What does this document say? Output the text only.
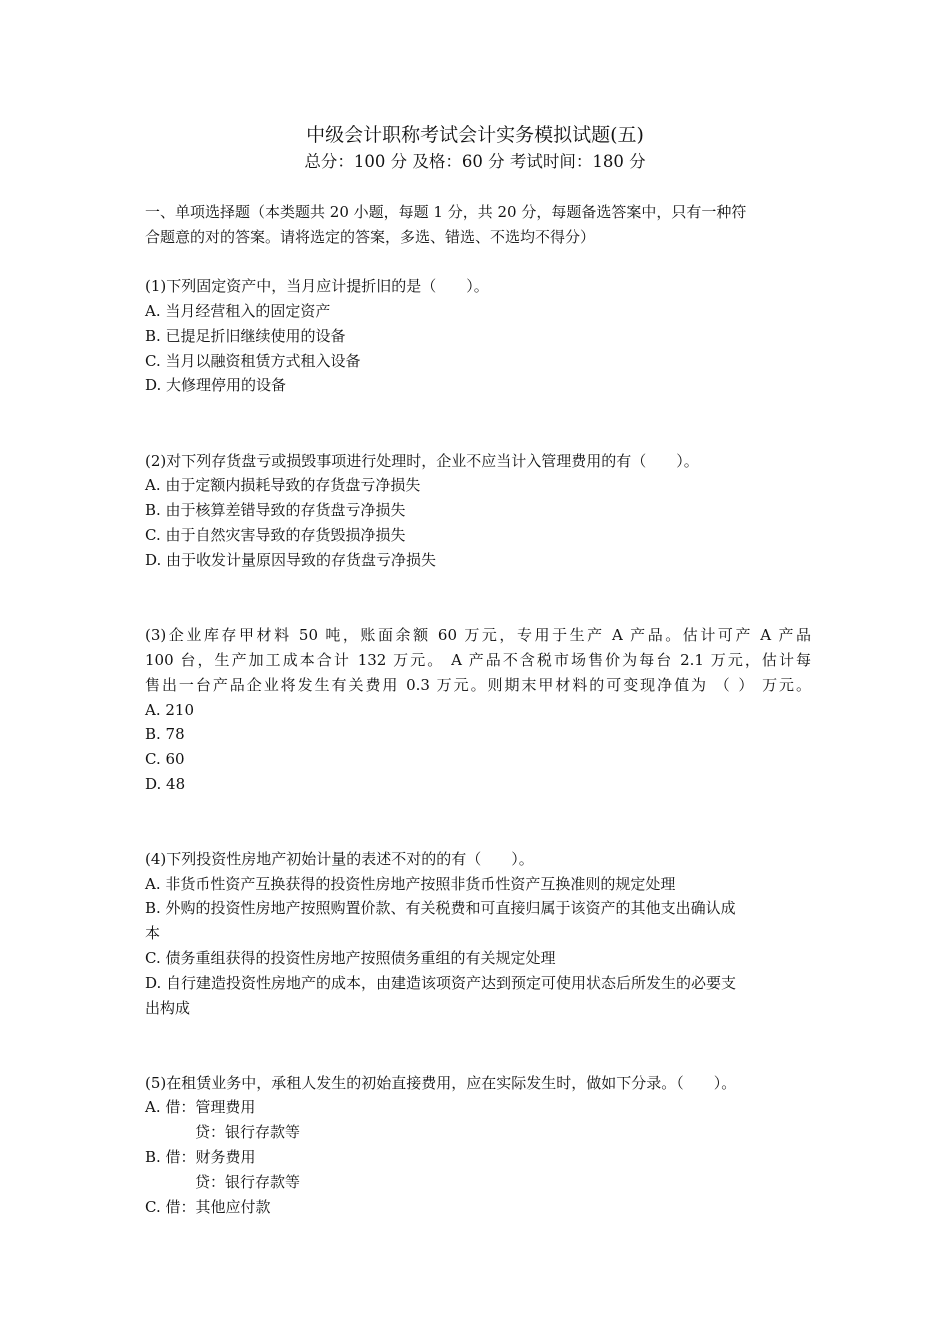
中级会计职称考试会计实务模拟试题(五)
总分：100 分 及格：60 分 考试时间：180 分
一、单项选择题（本类题共 20 小题，每题 1 分，共 20 分，每题备选答案中，只有一种符
合题意的对的答案。请将选定的答案，多选、错选、不选均不得分）
(1)下列固定资产中，当月应计提折旧的是（　　）。
A. 当月经营租入的固定资产
B. 已提足折旧继续使用的设备
C. 当月以融资租赁方式租入设备
D. 大修理停用的设备
(2)对下列存货盘亏或损毁事项进行处理时，企业不应当计入管理费用的有（　　）。
A. 由于定额内损耗导致的存货盘亏净损失
B. 由于核算差错导致的存货盘亏净损失
C. 由于自然灾害导致的存货毁损净损失
D. 由于收发计量原因导致的存货盘亏净损失
(3)企业库存甲材料 50 吨，账面余额 60 万元，专用于生产 A 产品。估计可产 A 产品
100 台，生产加工成本合计 132 万元。 A 产品不含税市场售价为每台 2.1 万元，估计每
售出一台产品企业将发生有关费用 0.3 万元。则期末甲材料的可变现净值为 （ ） 万元。
A. 210
B. 78
C. 60
D. 48
(4)下列投资性房地产初始计量的表述不对的的有（　　）。
A. 非货币性资产互换获得的投资性房地产按照非货币性资产互换准则的规定处理
B. 外购的投资性房地产按照购置价款、有关税费和可直接归属于该资产的其他支出确认成
本
C. 债务重组获得的投资性房地产按照债务重组的有关规定处理
D. 自行建造投资性房地产的成本，由建造该项资产达到预定可使用状态后所发生的必要支
出构成
(5)在租赁业务中，承租人发生的初始直接费用，应在实际发生时，做如下分录。（　　）。
A. 借：管理费用
贷：银行存款等
B. 借：财务费用
贷：银行存款等
C. 借：其他应付款
